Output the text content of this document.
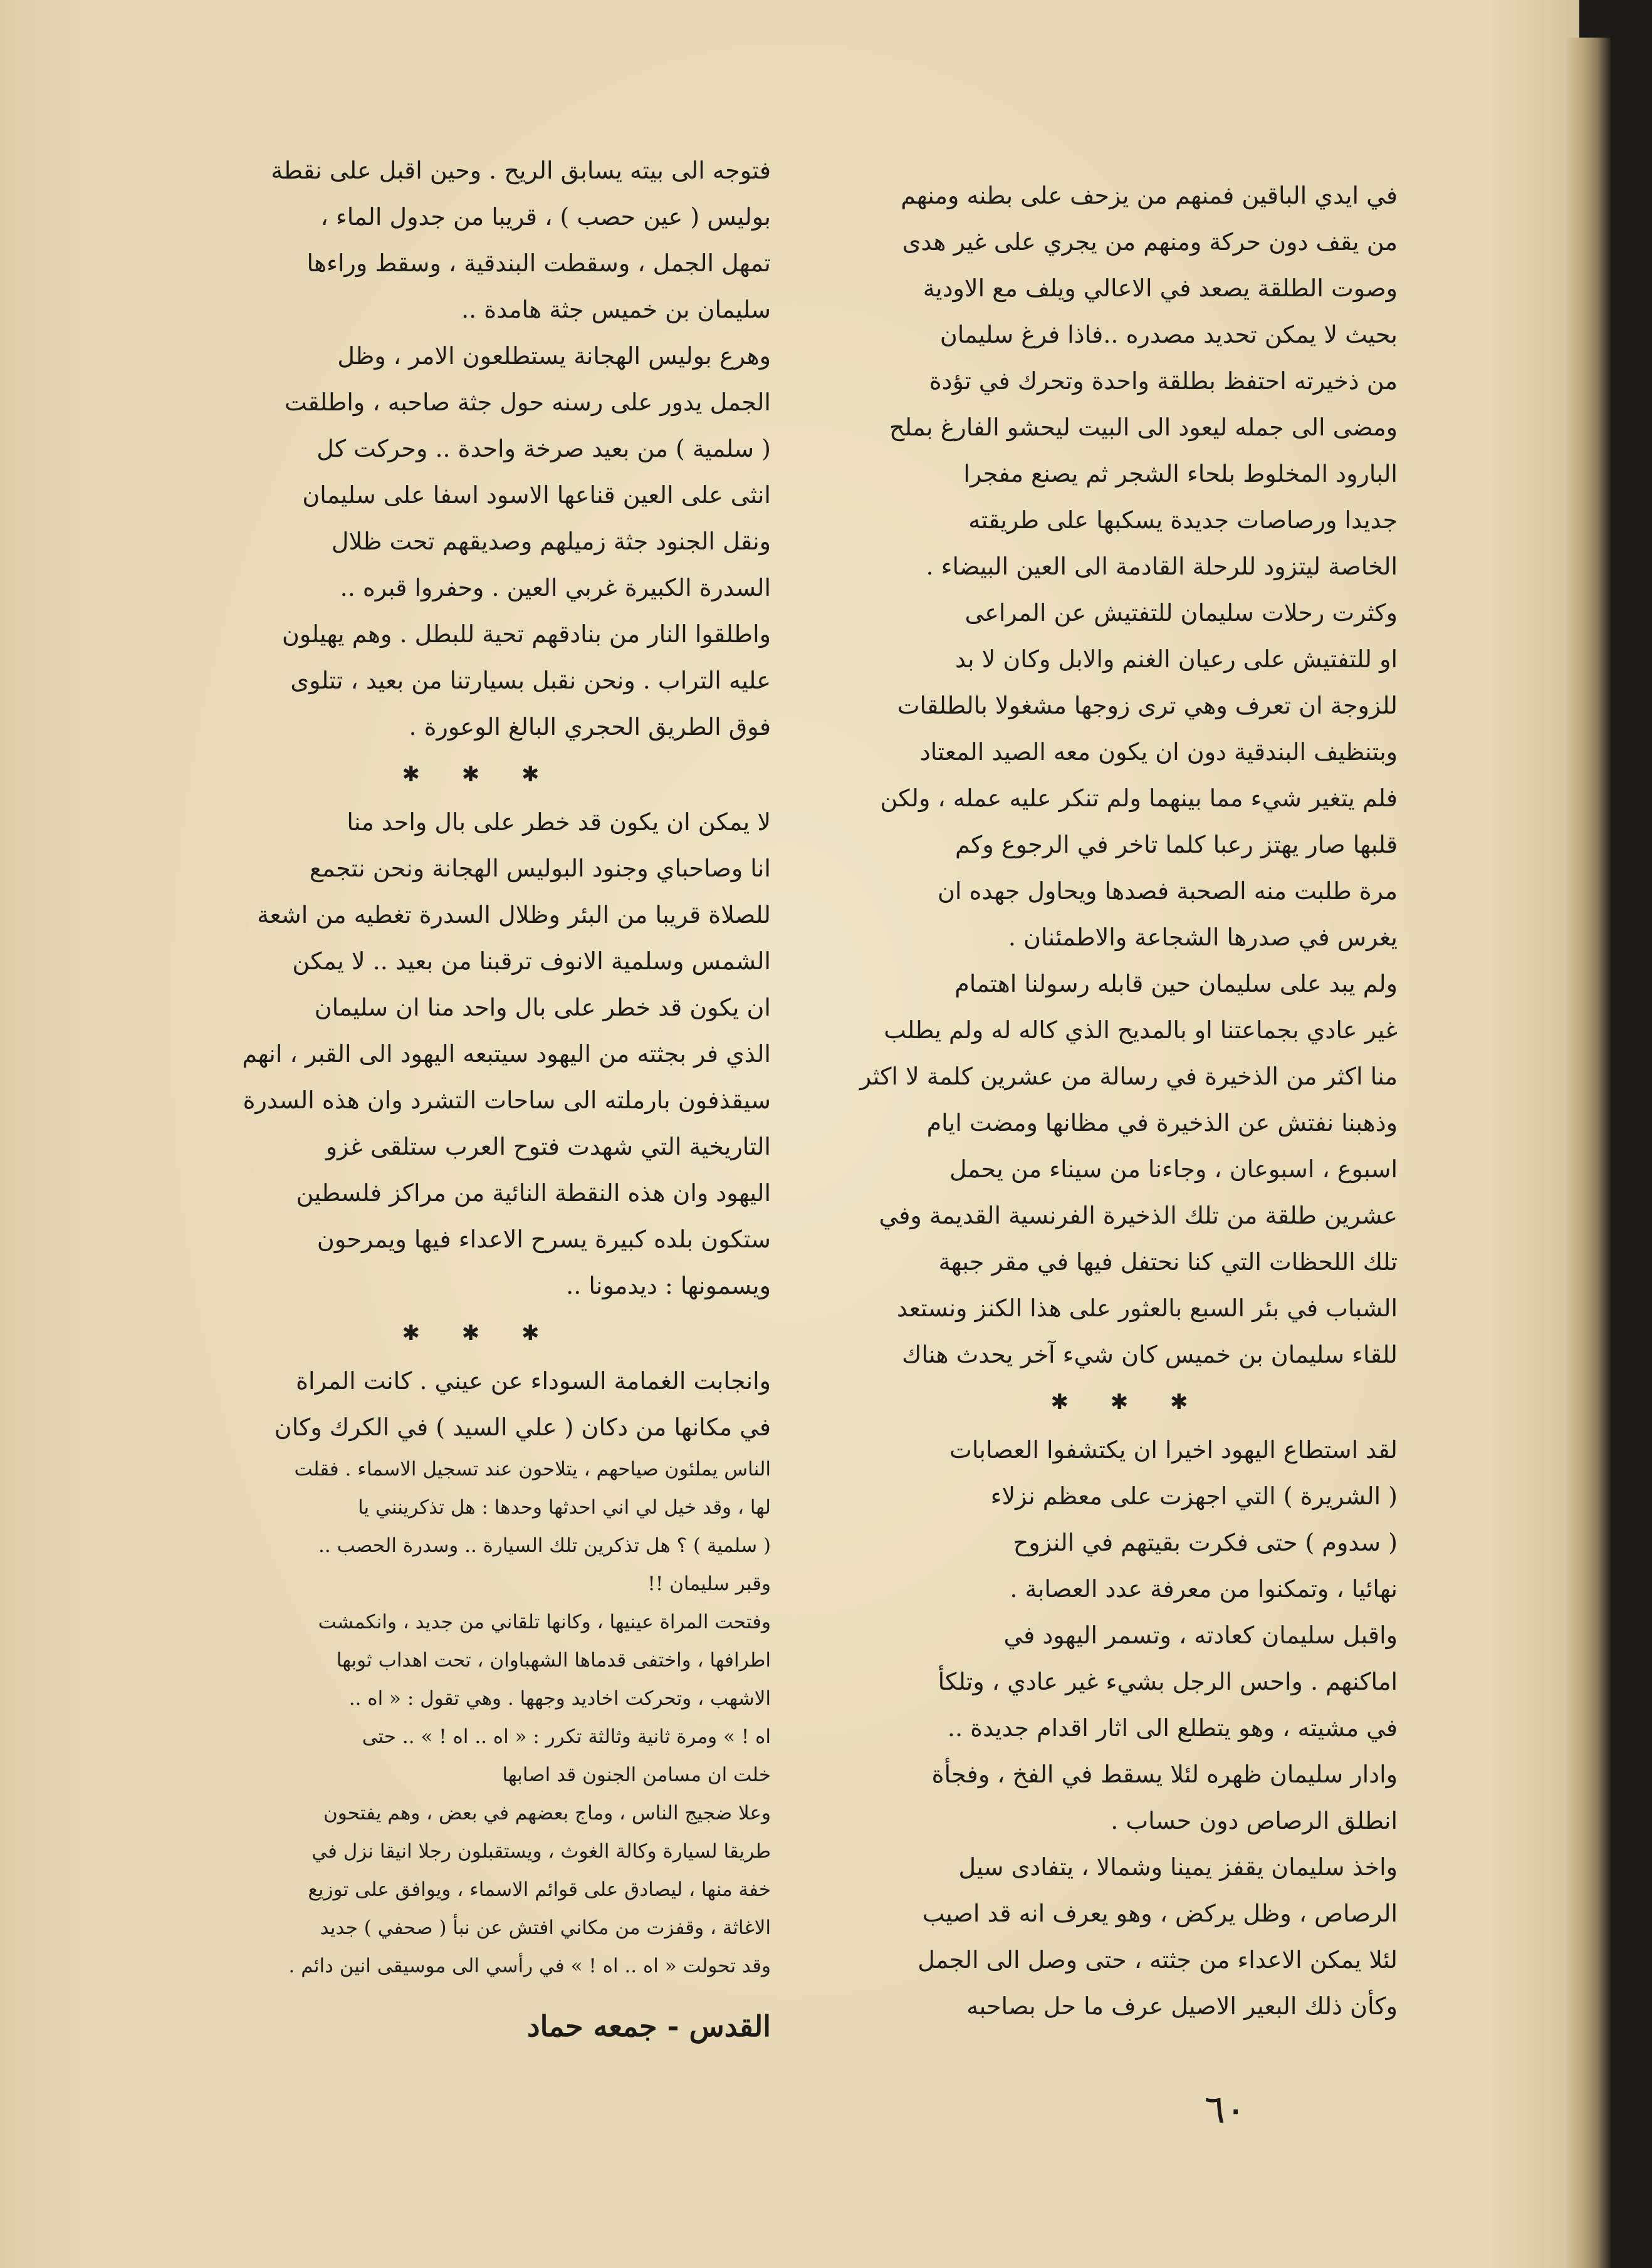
في ايدي الباقين فمنهم من يزحف على بطنه ومنهم
من يقف دون حركة ومنهم من يجري على غير هدى
وصوت الطلقة يصعد في الاعالي ويلف مع الاودية
بحيث لا يمكن تحديد مصدره ..فاذا فرغ سليمان
من ذخيرته احتفظ بطلقة واحدة وتحرك في تؤدة
ومضى الى جمله ليعود الى البيت ليحشو الفارغ بملح
البارود المخلوط بلحاء الشجر ثم يصنع مفجرا
جديدا ورصاصات جديدة يسكبها على طريقته
الخاصة ليتزود للرحلة القادمة الى العين البيضاء .

وكثرت رحلات سليمان للتفتيش عن المراعى
او للتفتيش على رعيان الغنم والابل وكان لا بد
للزوجة ان تعرف وهي ترى زوجها مشغولا بالطلقات
وبتنظيف البندقية دون ان يكون معه الصيد المعتاد
فلم يتغير شيء مما بينهما ولم تنكر عليه عمله ، ولكن
قلبها صار يهتز رعبا كلما تاخر في الرجوع وكم
مرة طلبت منه الصحبة فصدها ويحاول جهده ان
يغرس في صدرها الشجاعة والاطمئنان .

ولم يبد على سليمان حين قابله رسولنا اهتمام
غير عادي بجماعتنا او بالمديح الذي كاله له ولم يطلب
منا اكثر من الذخيرة في رسالة من عشرين كلمة لا اكثر
وذهبنا نفتش عن الذخيرة في مظانها ومضت ايام
اسبوع ، اسبوعان ، وجاءنا من سيناء من يحمل
عشرين طلقة من تلك الذخيرة الفرنسية القديمة وفي
تلك اللحظات التي كنا نحتفل فيها في مقر جبهة
الشباب في بئر السبع بالعثور على هذا الكنز ونستعد
للقاء سليمان بن خميس كان شيء آخر يحدث هناك

✱ ✱ ✱

لقد استطاع اليهود اخيرا ان يكتشفوا العصابات
( الشريرة ) التي اجهزت على معظم نزلاء
( سدوم ) حتى فكرت بقيتهم في النزوح
نهائيا ، وتمكنوا من معرفة عدد العصابة .

واقبل سليمان كعادته ، وتسمر اليهود في
اماكنهم . واحس الرجل بشيء غير عادي ، وتلكأ
في مشيته ، وهو يتطلع الى اثار اقدام جديدة ..
وادار سليمان ظهره لئلا يسقط في الفخ ، وفجأة
انطلق الرصاص دون حساب .

واخذ سليمان يقفز يمينا وشمالا ، يتفادى سيل
الرصاص ، وظل يركض ، وهو يعرف انه قد اصيب
لئلا يمكن الاعداء من جثته ، حتى وصل الى الجمل
وكأن ذلك البعير الاصيل عرف ما حل بصاحبه

فتوجه الى بيته يسابق الريح . وحين اقبل على نقطة
بوليس ( عين حصب ) ، قريبا من جدول الماء ،
تمهل الجمل ، وسقطت البندقية ، وسقط وراءها
سليمان بن خميس جثة هامدة ..

وهرع بوليس الهجانة يستطلعون الامر ، وظل
الجمل يدور على رسنه حول جثة صاحبه ، واطلقت
( سلمية ) من بعيد صرخة واحدة .. وحركت كل
انثى على العين قناعها الاسود اسفا على سليمان

ونقل الجنود جثة زميلهم وصديقهم تحت ظلال
السدرة الكبيرة غربي العين . وحفروا قبره ..
واطلقوا النار من بنادقهم تحية للبطل . وهم يهيلون
عليه التراب . ونحن نقبل بسيارتنا من بعيد ، تتلوى
فوق الطريق الحجري البالغ الوعورة .

✱ ✱ ✱

لا يمكن ان يكون قد خطر على بال واحد منا
انا وصاحباي وجنود البوليس الهجانة ونحن نتجمع
للصلاة قريبا من البئر وظلال السدرة تغطيه من اشعة
الشمس وسلمية الانوف ترقبنا من بعيد .. لا يمكن
ان يكون قد خطر على بال واحد منا ان سليمان
الذي فر بجثته من اليهود سيتبعه اليهود الى القبر ، انهم
سيقذفون بارملته الى ساحات التشرد وان هذه السدرة
التاريخية التي شهدت فتوح العرب ستلقى غزو
اليهود وان هذه النقطة النائية من مراكز فلسطين
ستكون بلده كبيرة يسرح الاعداء فيها ويمرحون
ويسمونها : ديدمونا ..

✱ ✱ ✱

وانجابت الغمامة السوداء عن عيني . كانت المراة
في مكانها من دكان ( علي السيد ) في الكرك وكان

الناس يملئون صياحهم ، يتلاحون عند تسجيل الاسماء . فقلت
لها ، وقد خيل لي اني احدثها وحدها : هل تذكرينني يا
( سلمية ) ؟ هل تذكرين تلك السيارة .. وسدرة الحصب ..
وقبر سليمان !!

وفتحت المراة عينيها ، وكانها تلقاني من جديد ، وانكمشت
اطرافها ، واختفى قدماها الشهباوان ، تحت اهداب ثوبها
الاشهب ، وتحركت اخاديد وجهها . وهي تقول : « اه ..
اه ! » ومرة ثانية وثالثة تكرر : « اه .. اه ! » .. حتى
خلت ان مسامن الجنون قد اصابها

وعلا ضجيج الناس ، وماج بعضهم في بعض ، وهم يفتحون
طريقا لسيارة وكالة الغوث ، ويستقبلون رجلا انيقا نزل في
خفة منها ، ليصادق على قوائم الاسماء ، ويوافق على توزيع
الاغاثة ، وقفزت من مكاني افتش عن نبأ ( صحفي ) جديد
وقد تحولت « اه .. اه ! » في رأسي الى موسيقى انين دائم .

القدس - جمعه حماد
٦٠
